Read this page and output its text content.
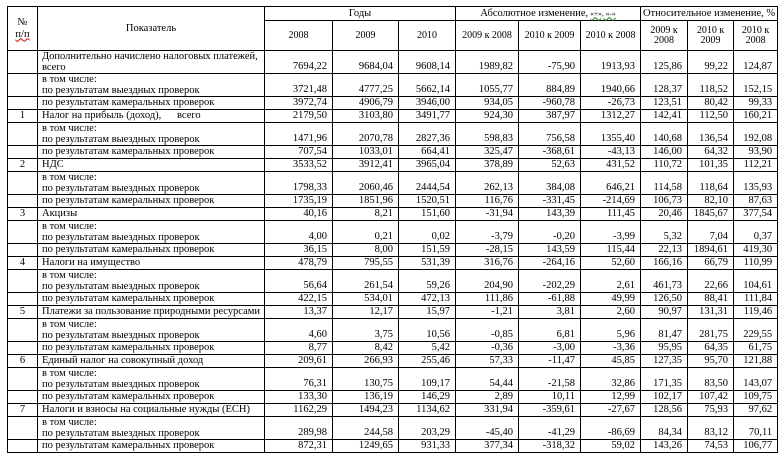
№
п/п	Показатель	Годы			Абсолютное изменение, «+», «-»			Относительное изменение, %		
		2008	2009	2010	2009 к 2008	2010 к 2009	2010 к 2008	2009 к 2008	2010 к 2009	2010 к 2008

	Дополнительно начислено налоговых платежей,
всего	7694,22	9684,04	9608,14	1989,82	-75,90	1913,93	125,86	99,22	124,87

	в том числе:
по результатам выездных проверок	3721,48	4777,25	5662,14	1055,77	884,89	1940,66	128,37	118,52	152,15

	по результатам камеральных проверок	3972,74	4906,79	3946,00	934,05	-960,78	-26,73	123,51	80,42	99,33
1	Налог на прибыль (доход),  всего	2179,50	3103,80	3491,77	924,30	387,97	1312,27	142,41	112,50	160,21

	в том числе:
по результатам выездных проверок	1471,96	2070,78	2827,36	598,83	756,58	1355,40	140,68	136,54	192,08

	по результатам камеральных проверок	707,54	1033,01	664,41	325,47	-368,61	-43,13	146,00	64,32	93,90
2	НДС	3533,52	3912,41	3965,04	378,89	52,63	431,52	110,72	101,35	112,21

	в том числе:
по результатам выездных проверок	1798,33	2060,46	2444,54	262,13	384,08	646,21	114,58	118,64	135,93

	по результатам камеральных проверок	1735,19	1851,96	1520,51	116,76	-331,45	-214,69	106,73	82,10	87,63
3	Акцизы	40,16	8,21	151,60	-31,94	143,39	111,45	20,46	1845,67	377,54

	в том числе:
по результатам выездных проверок	4,00	0,21	0,02	-3,79	-0,20	-3,99	5,32	7,04	0,37

	по результатам камеральных проверок	36,15	8,00	151,59	-28,15	143,59	115,44	22,13	1894,61	419,30
4	Налоги на имущество	478,79	795,55	531,39	316,76	-264,16	52,60	166,16	66,79	110,99

	в том числе:
по результатам выездных проверок	56,64	261,54	59,26	204,90	-202,29	2,61	461,73	22,66	104,61

	по результатам камеральных проверок	422,15	534,01	472,13	111,86	-61,88	49,99	126,50	88,41	111,84
5	Платежи за пользование природными ресурсами	13,37	12,17	15,97	-1,21	3,81	2,60	90,97	131,31	119,46

	в том числе:
по результатам выездных проверок	4,60	3,75	10,56	-0,85	6,81	5,96	81,47	281,75	229,55

	по результатам камеральных проверок	8,77	8,42	5,42	-0,36	-3,00	-3,36	95,95	64,35	61,75
6	Единый налог на совокупный доход	209,61	266,93	255,46	57,33	-11,47	45,85	127,35	95,70	121,88

	в том числе:
по результатам выездных проверок	76,31	130,75	109,17	54,44	-21,58	32,86	171,35	83,50	143,07

	по результатам камеральных проверок	133,30	136,19	146,29	2,89	10,11	12,99	102,17	107,42	109,75
7	Налоги и взносы на социальные нужды (ЕСН)	1162,29	1494,23	1134,62	331,94	-359,61	-27,67	128,56	75,93	97,62

	в том числе:
по результатам выездных проверок	289,98	244,58	203,29	-45,40	-41,29	-86,69	84,34	83,12	70,11

	по результатам камеральных проверок	872,31	1249,65	931,33	377,34	-318,32	59,02	143,26	74,53	106,77
